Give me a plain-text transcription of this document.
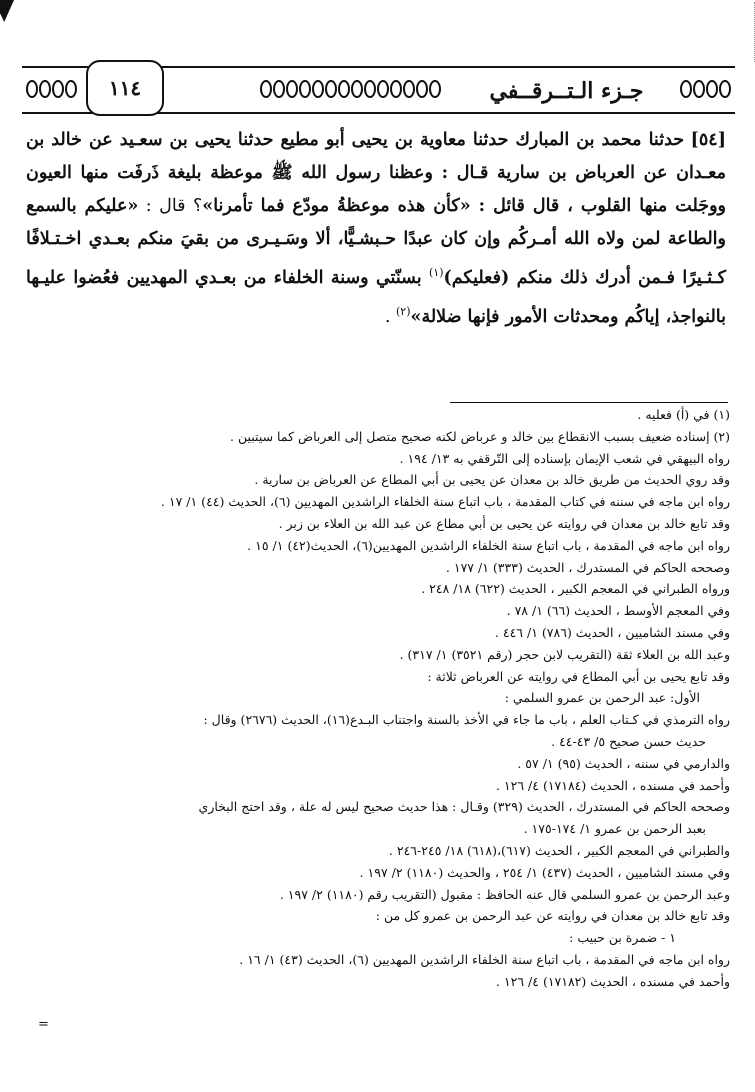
١١٤	جـزء الـتــرقــفي
[٥٤] حدثنا محمد بن المبارك حدثنا معاوية بن يحيى أبو مطيع حدثنا يحيى بن سعـيد عن خالد بن معـدان عن العرباض بن سارية قـال : وعظنا رسول الله ﷺ موعظة بليغة ذَرفَت منها العيون ووجَلت منها القلوب ، قال قائل : «كأن هذه موعظةُ مودّع فما تأمرنا»؟ قال : «عليكم بالسمع والطاعة لمن ولاه الله أمـركُم وإن كان عبدًا حـبشـيًّا، ألا وسَـيـرى من بقيَ منكم بعـدي اخـتـلافًا كـثـيرًا فـمن أدرك ذلك منكم (فعليكم)$^{(١)}$ بسنّتي وسنة الخلفاء من بعـدي المهديين فعُضوا عليـها بالنواجذ، إياكُم ومحدثات الأمور فإنها ضلالة»$^{(٢)}$ .
(١) في (أ) فعليه .
(٢) إسناده ضعيف بسبب الانقطاع بين خالد و عرباض لكنه صحيح متصل إلى العرباض كما سيتبين .
رواه البيهقي في شعب الإيمان بإسناده إلى التّرقفي به ١٣/ ١٩٤ .
وقد روي الحديث من طريق خالد بن معدان عن يحيى بن أبي المطاع عن العرباض بن سارية .
رواه ابن ماجه في سننه في كتاب المقدمة ، باب اتباع سنة الخلفاء الراشدين المهديين (٦)، الحديث (٤٤) ١/ ١٧ .
وقد تابع خالد بن معدان في روايته عن يحيى بن أبي مطاع عن عبد الله بن العلاء بن زبر .
رواه ابن ماجه في المقدمة ، باب اتباع سنة الخلفاء الراشدين المهديين(٦)، الحديث(٤٢) ١/ ١٥ .
وصححه الحاكم في المستدرك ، الحديث (٣٣٣) ١/ ١٧٧ .
ورواه الطبراني في المعجم الكبير ، الحديث (٦٢٢) ١٨/ ٢٤٨ .
وفي المعجم الأوسط ، الحديث (٦٦) ١/ ٧٨ .
وفي مسند الشاميين ، الحديث (٧٨٦) ١/ ٤٤٦ .
وعبد الله بن العلاء ثقة (التقريب لابن حجر (رقم ٣٥٢١) ١/ ٣١٧) .
وقد تابع يحيى بن أبي المطاع في روايته عن العرباض ثلاثة :
الأول: عبد الرحمن بن عمرو السلمي :
رواه الترمذي في كـتاب العلم ، باب ما جاء في الأخذ بالسنة واجتناب البـدع(١٦)، الحديث (٢٦٧٦) وقال :
حديث حسن صحيح ٥/ ٤٣-٤٤ .
والدارمي في سننه ، الحديث (٩٥) ١/ ٥٧ .
وأحمد في مسنده ، الحديث (١٧١٨٤) ٤/ ١٢٦ .
وصححه الحاكم في المستدرك ، الحديث (٣٢٩) وقـال : هذا حديث صحيح ليس له علة ، وقد احتج البخاري
بعبد الرحمن بن عمرو ١/ ١٧٤-١٧٥ .
والطبراني في المعجم الكبير ، الحديث (٦١٧)،(٦١٨) ١٨/ ٢٤٥-٢٤٦ .
وفي مسند الشاميين ، الحديث (٤٣٧) ١/ ٢٥٤ ، والحديث (١١٨٠) ٢/ ١٩٧ .
وعبد الرحمن بن عمرو السلمي قال عنه الحافظ : مقبول (التقريب رقم (١١٨٠) ٢/ ١٩٧ .
وقد تابع خالد بن معدان في روايته عن عبد الرحمن بن عمرو كل من :
١ - ضمرة بن حبيب :
رواه ابن ماجه في المقدمة ، باب اتباع سنة الخلفاء الراشدين المهديين (٦)، الحديث (٤٣) ١/ ١٦ .
وأحمد في مسنده ، الحديث (١٧١٨٢) ٤/ ١٢٦ .
=
